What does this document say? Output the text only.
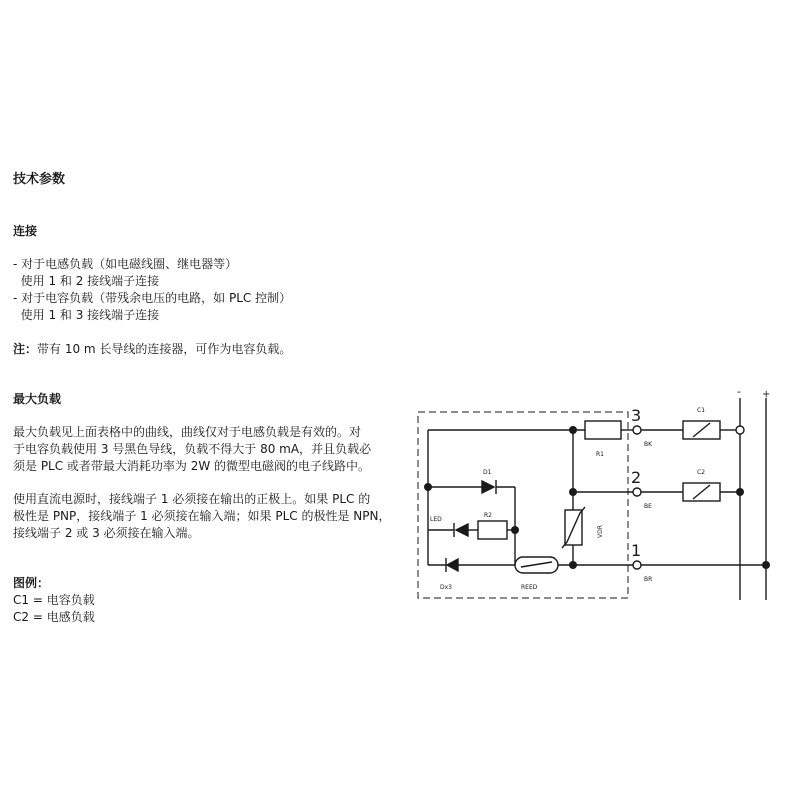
技术参数
连接
- 对于电感负载（如电磁线圈、继电器等）
使用 1 和 2 接线端子连接
- 对于电容负载（带残余电压的电路，如 PLC 控制）
使用 1 和 3 接线端子连接
注：带有 10 m 长导线的连接器，可作为电容负载。
最大负载
最大负载见上面表格中的曲线，曲线仅对于电感负载是有效的。对
于电容负载使用 3 号黑色导线，负载不得大于 80 mA，并且负载必
须是 PLC 或者带最大消耗功率为 2W 的微型电磁阀的电子线路中。
使用直流电源时，接线端子 1 必须接在输出的正极上。如果 PLC 的
极性是 PNP，接线端子 1 必须接在输入端；如果 PLC 的极性是 NPN，
接线端子 2 或 3 必须接在输入端。
图例：
C1 = 电容负载
C2 = 电感负载
3
2
1
BK
BE
BR
R1
R2
D1
LED
Dx3	REED
VDR
C1
C2
- +
